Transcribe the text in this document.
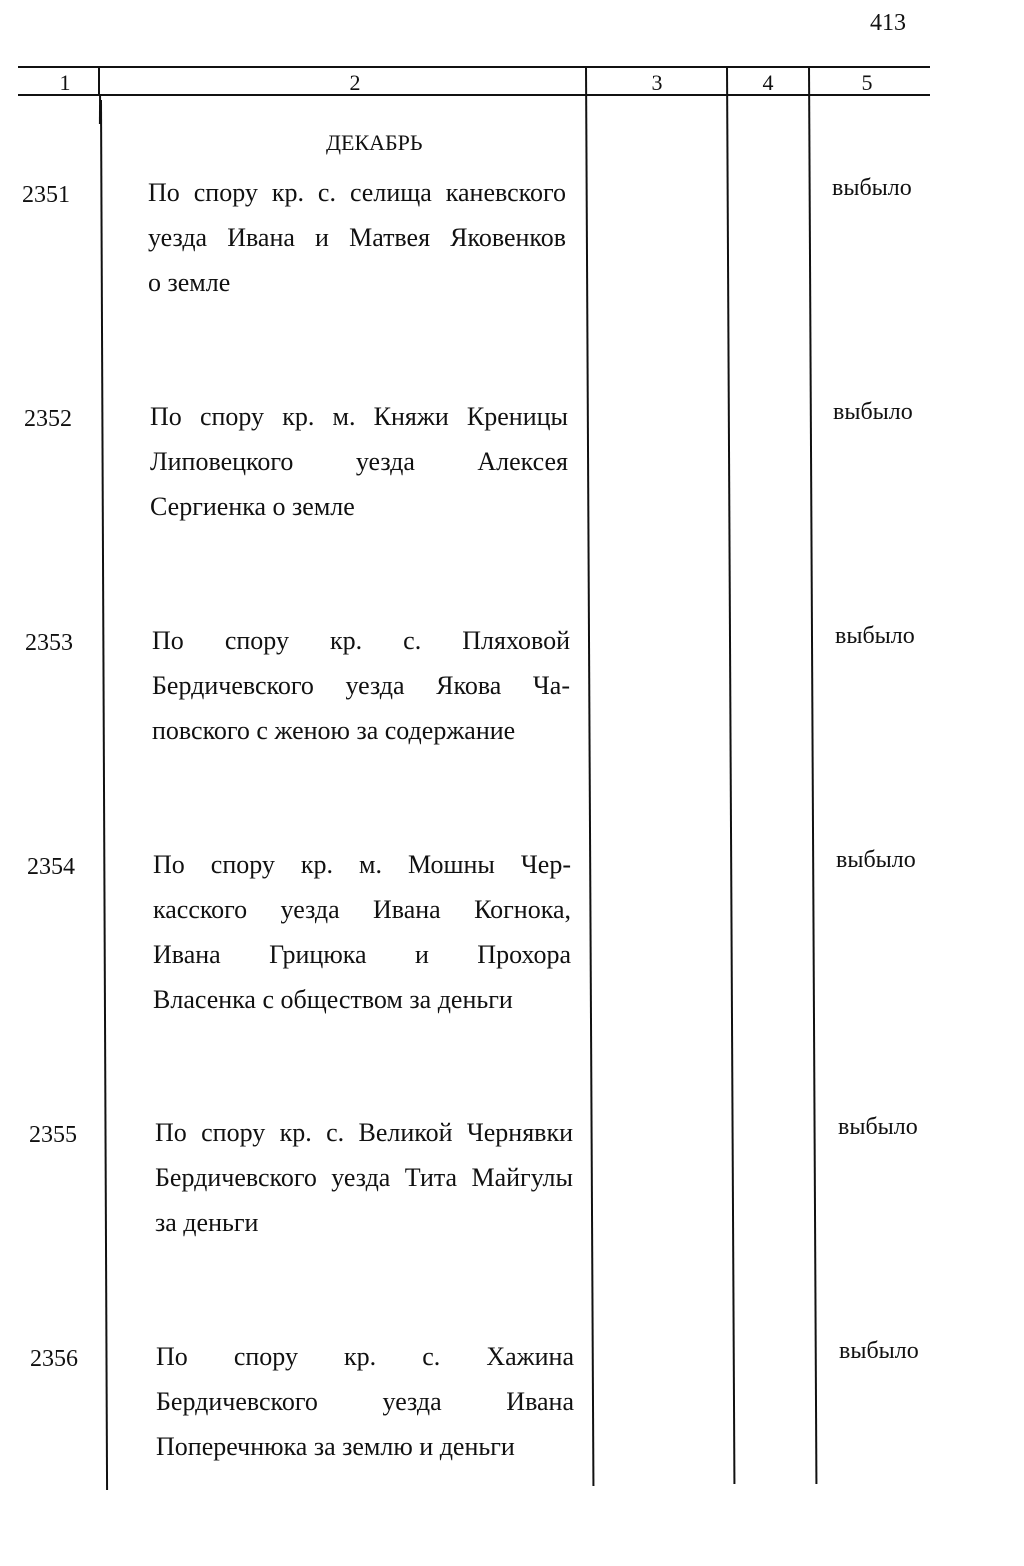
413
1	2	3	4	5
ДЕКАБРЬ
2351	По спору кр. с. селища каневского
уезда Ивана и Матвея Яковенков
о земле
выбыло
2352	По спору кр. м. Княжи Креницы
Липовецкого уезда Алексея
Сергиенка о земле
выбыло
2353	По спору кр. с. Пляховой
Бердичевского уезда Якова Ча-
повского с женою за содержание
выбыло
2354	По спору кр. м. Мошны Чер-
касского уезда Ивана Когнока,
Ивана Грицюка и Прохора
Власенка с обществом за деньги
выбыло
2355	По спору кр. с. Великой Чернявки
Бердичевского уезда Тита Майгулы
за деньги
выбыло
2356	По спору кр. с. Хажина
Бердичевского уезда Ивана
Поперечнюка за землю и деньги
выбыло
